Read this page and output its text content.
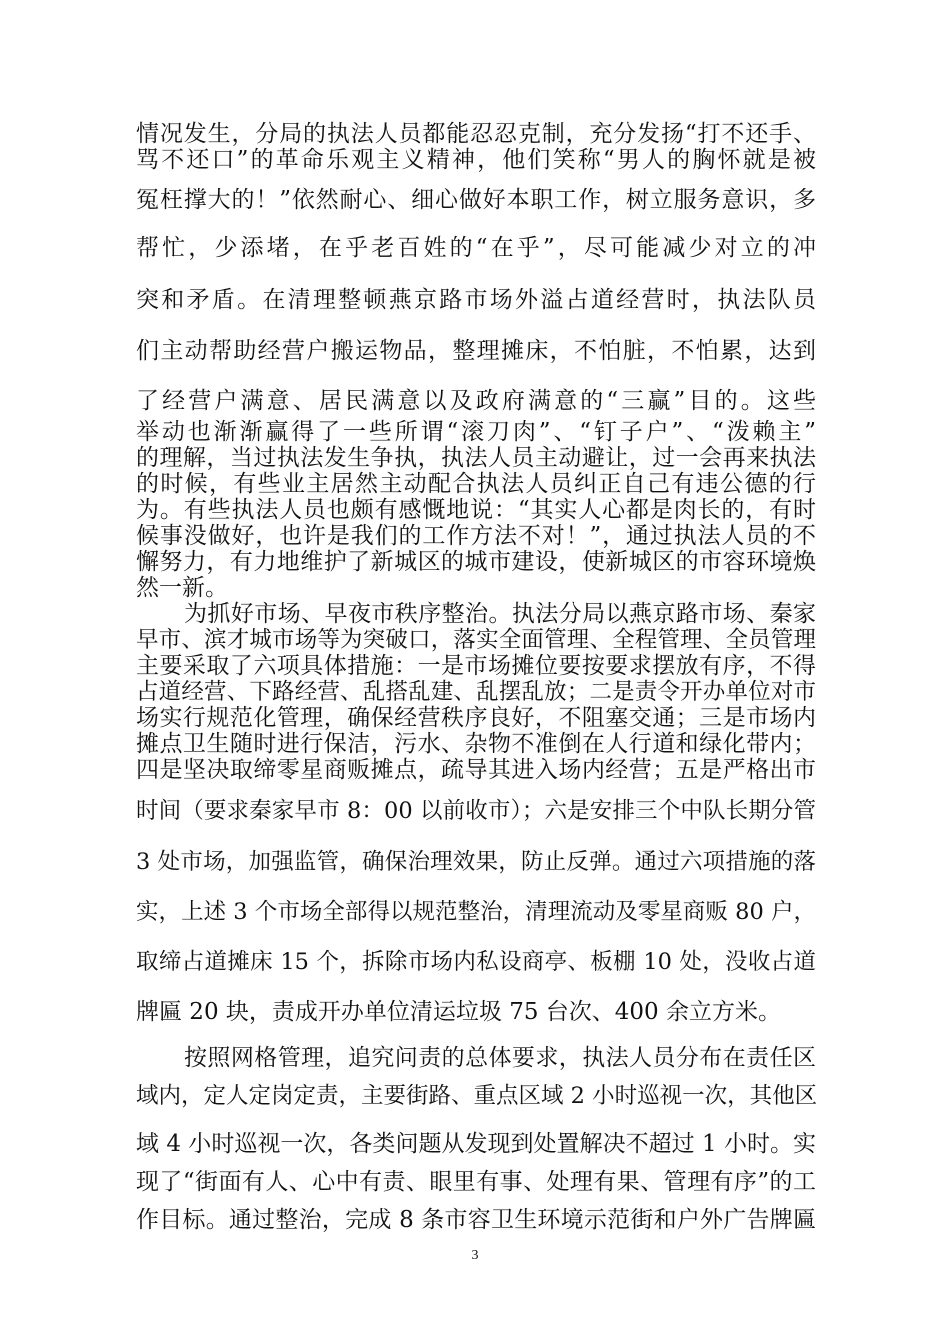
情况发生，分局的执法人员都能忍忍克制，充分发扬“打不还手、
骂不还口”的革命乐观主义精神，他们笑称“男人的胸怀就是被
冤枉撑大的！”依然耐心、细心做好本职工作，树立服务意识，多
帮忙，少添堵，在乎老百姓的“在乎”，尽可能减少对立的冲
突和矛盾。在清理整顿燕京路市场外溢占道经营时，执法队员
们主动帮助经营户搬运物品，整理摊床，不怕脏，不怕累，达到
了经营户满意、居民满意以及政府满意的“三赢”目的。这些
举动也渐渐赢得了一些所谓“滚刀肉”、“钉子户”、“泼赖主”
的理解，当过执法发生争执，执法人员主动避让，过一会再来执法
的时候，有些业主居然主动配合执法人员纠正自己有违公德的行
为。有些执法人员也颇有感慨地说：“其实人心都是肉长的，有时
候事没做好，也许是我们的工作方法不对！”，通过执法人员的不
懈努力，有力地维护了新城区的城市建设，使新城区的市容环境焕
然一新。
为抓好市场、早夜市秩序整治。执法分局以燕京路市场、秦家
早市、滨才城市场等为突破口，落实全面管理、全程管理、全员管理
主要采取了六项具体措施：一是市场摊位要按要求摆放有序，不得
占道经营、下路经营、乱搭乱建、乱摆乱放；二是责令开办单位对市
场实行规范化管理，确保经营秩序良好，不阻塞交通；三是市场内
摊点卫生随时进行保洁，污水、杂物不准倒在人行道和绿化带内；
四是坚决取缔零星商贩摊点，疏导其进入场内经营；五是严格出市
时间（要求秦家早市 8：00 以前收市）；六是安排三个中队长期分管
3 处市场，加强监管，确保治理效果，防止反弹。通过六项措施的落
实，上述 3 个市场全部得以规范整治，清理流动及零星商贩 80 户，
取缔占道摊床 15 个，拆除市场内私设商亭、板棚 10 处，没收占道
牌匾 20 块，责成开办单位清运垃圾 75 台次、400 余立方米。
按照网格管理，追究问责的总体要求，执法人员分布在责任区
域内，定人定岗定责，主要街路、重点区域 2 小时巡视一次，其他区
域 4 小时巡视一次，各类问题从发现到处置解决不超过 1 小时。实
现了“街面有人、心中有责、眼里有事、处理有果、管理有序”的工
作目标。通过整治，完成 8 条市容卫生环境示范街和户外广告牌匾
3
